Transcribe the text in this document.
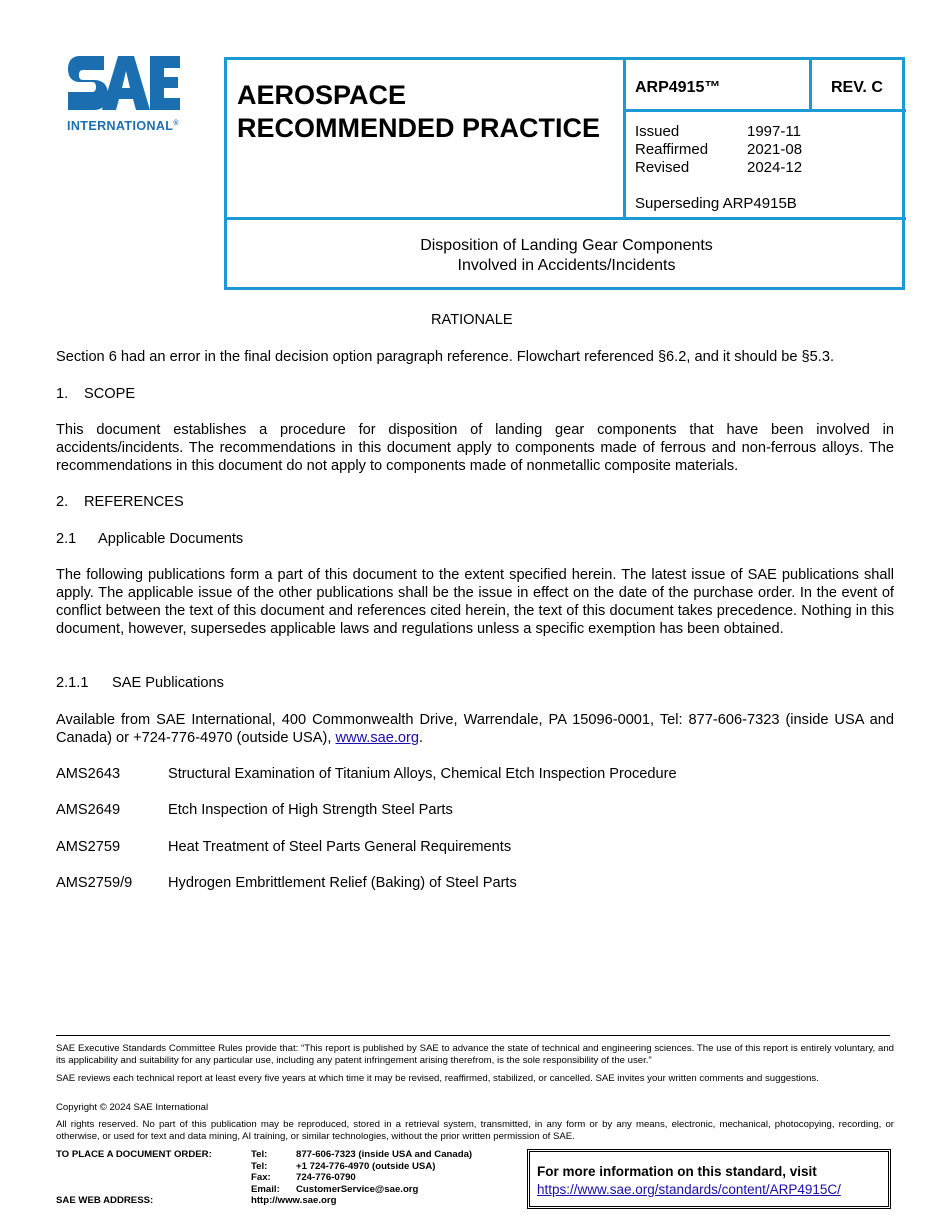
INTERNATIONAL®
AEROSPACE
RECOMMENDED PRACTICE
ARP4915™	REV. C
Issued	1997-11
Reaffirmed	2021-08
Revised	2024-12
Superseding ARP4915B
Disposition of Landing Gear Components
Involved in Accidents/Incidents
RATIONALE
Section 6 had an error in the final decision option paragraph reference. Flowchart referenced §6.2, and it should be §5.3.
1. SCOPE
This document establishes a procedure for disposition of landing gear components that have been involved in accidents/incidents. The recommendations in this document apply to components made of ferrous and non-ferrous alloys. The recommendations in this document do not apply to components made of nonmetallic composite materials.
2. REFERENCES
2.1 Applicable Documents
The following publications form a part of this document to the extent specified herein. The latest issue of SAE publications shall apply. The applicable issue of the other publications shall be the issue in effect on the date of the purchase order. In the event of conflict between the text of this document and references cited herein, the text of this document takes precedence. Nothing in this document, however, supersedes applicable laws and regulations unless a specific exemption has been obtained.
2.1.1 SAE Publications
Available from SAE International, 400 Commonwealth Drive, Warrendale, PA 15096-0001, Tel: 877-606-7323 (inside USA and Canada) or +724-776-4970 (outside USA), www.sae.org.
AMS2643	Structural Examination of Titanium Alloys, Chemical Etch Inspection Procedure
AMS2649	Etch Inspection of High Strength Steel Parts
AMS2759	Heat Treatment of Steel Parts General Requirements
AMS2759/9 Hydrogen Embrittlement Relief (Baking) of Steel Parts
SAE Executive Standards Committee Rules provide that: “This report is published by SAE to advance the state of technical and engineering sciences. The use of this report is entirely voluntary, and its applicability and suitability for any particular use, including any patent infringement arising therefrom, is the sole responsibility of the user.”
SAE reviews each technical report at least every five years at which time it may be revised, reaffirmed, stabilized, or cancelled. SAE invites your written comments and suggestions.
Copyright © 2024 SAE International
All rights reserved. No part of this publication may be reproduced, stored in a retrieval system, transmitted, in any form or by any means, electronic, mechanical, photocopying, recording, or otherwise, or used for text and data mining, AI training, or similar technologies, without the prior written permission of SAE.
TO PLACE A DOCUMENT ORDER:	Tel:	877-606-7323 (inside USA and Canada)
Tel:	+1 724-776-4970 (outside USA)
Fax:	724-776-0790
Email: CustomerService@sae.org
http://www.sae.org
SAE WEB ADDRESS:
For more information on this standard, visit
https://www.sae.org/standards/content/ARP4915C/
